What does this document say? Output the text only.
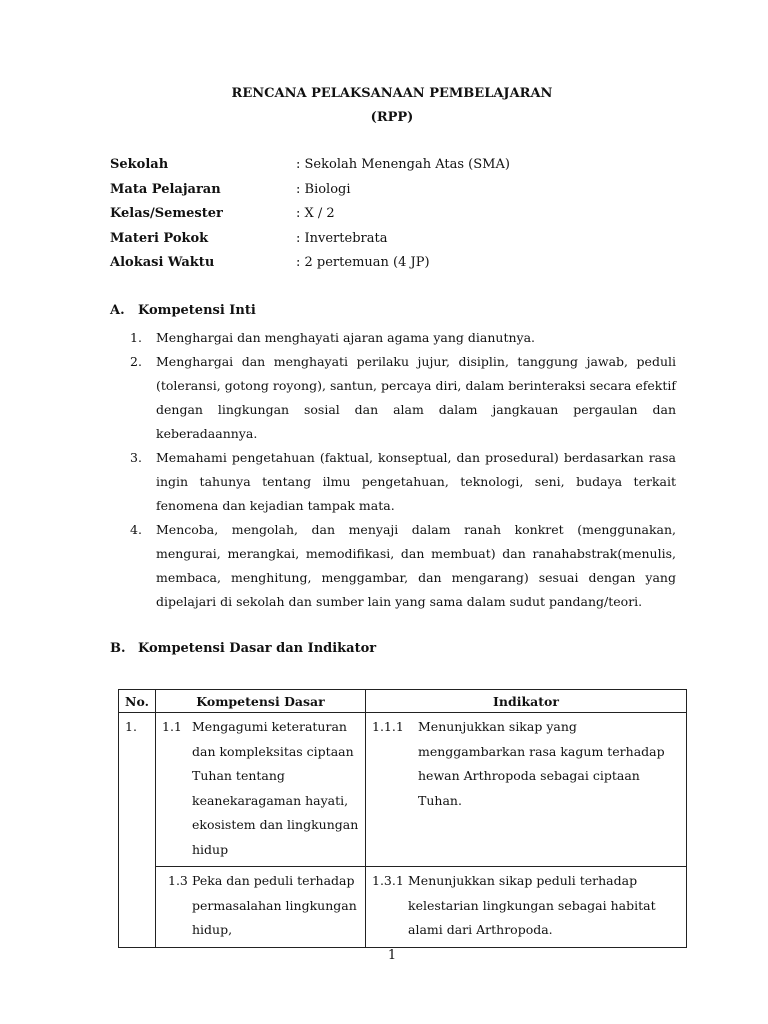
RENCANA PELAKSANAAN PEMBELAJARAN
(RPP)
Sekolah	: Sekolah Menengah Atas (SMA)
Mata Pelajaran	: Biologi
Kelas/Semester	: X / 2
Materi Pokok	: Invertebrata
Alokasi Waktu	: 2 pertemuan (4 JP)
A. Kompetensi Inti
1. Menghargai dan menghayati ajaran agama yang dianutnya.
2. Menghargai dan menghayati perilaku jujur, disiplin, tanggung jawab, peduli (toleransi, gotong royong), santun, percaya diri, dalam berinteraksi secara efektif dengan lingkungan sosial dan alam dalam jangkauan pergaulan dan keberadaannya.
3. Memahami pengetahuan (faktual, konseptual, dan prosedural) berdasarkan rasa ingin tahunya tentang ilmu pengetahuan, teknologi, seni, budaya terkait fenomena dan kejadian tampak mata.
4. Mencoba, mengolah, dan menyaji dalam ranah konkret (menggunakan, mengurai, merangkai, memodifikasi, dan membuat) dan ranahabstrak(menulis, membaca, menghitung, menggambar, dan mengarang) sesuai dengan yang dipelajari di sekolah dan sumber lain yang sama dalam sudut pandang/teori.
B. Kompetensi Dasar dan Indikator
No.	Kompetensi Dasar	Indikator

1.	1.1 Mengagumi keteraturan dan kompleksitas ciptaan Tuhan tentang keanekaragaman hayati, ekosistem dan lingkungan hidup	1.1.1 Menunjukkan sikap yang menggambarkan rasa kagum terhadap hewan Arthropoda sebagai ciptaan Tuhan.

	1.3 Peka dan peduli terhadap permasalahan lingkungan hidup,	1.3.1 Menunjukkan sikap peduli terhadap kelestarian lingkungan sebagai habitat alami dari Arthropoda.
1
